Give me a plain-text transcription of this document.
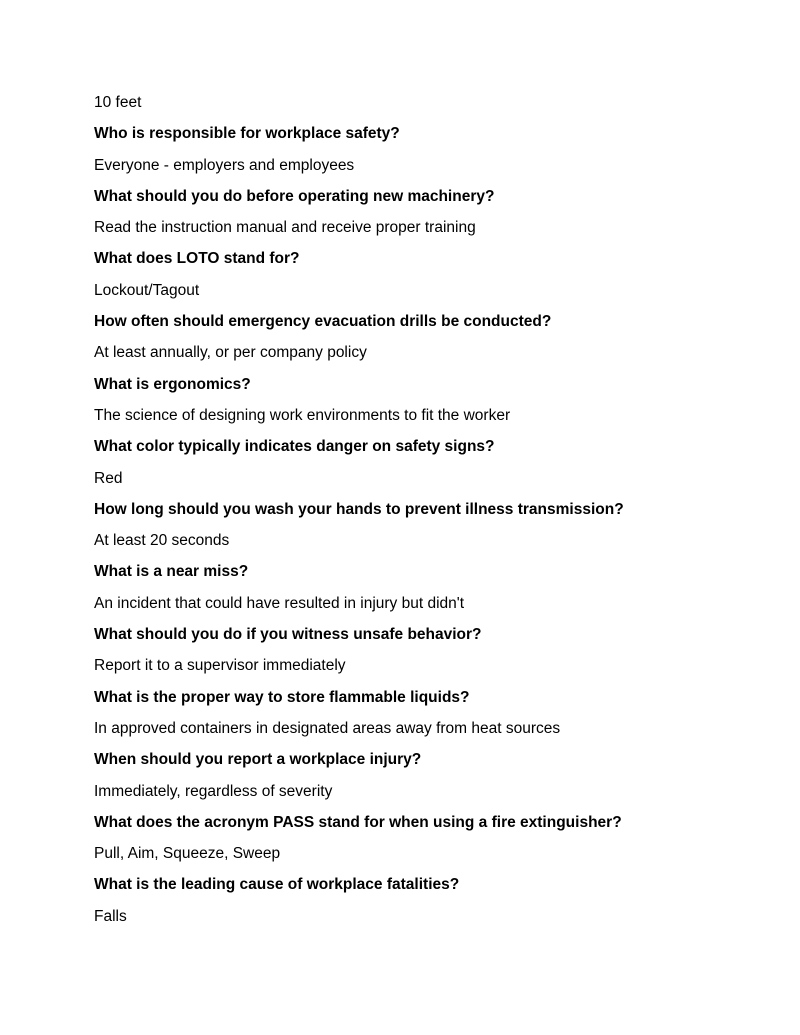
10 feet
Who is responsible for workplace safety?
Everyone - employers and employees
What should you do before operating new machinery?
Read the instruction manual and receive proper training
What does LOTO stand for?
Lockout/Tagout
How often should emergency evacuation drills be conducted?
At least annually, or per company policy
What is ergonomics?
The science of designing work environments to fit the worker
What color typically indicates danger on safety signs?
Red
How long should you wash your hands to prevent illness transmission?
At least 20 seconds
What is a near miss?
An incident that could have resulted in injury but didn't
What should you do if you witness unsafe behavior?
Report it to a supervisor immediately
What is the proper way to store flammable liquids?
In approved containers in designated areas away from heat sources
When should you report a workplace injury?
Immediately, regardless of severity
What does the acronym PASS stand for when using a fire extinguisher?
Pull, Aim, Squeeze, Sweep
What is the leading cause of workplace fatalities?
Falls
